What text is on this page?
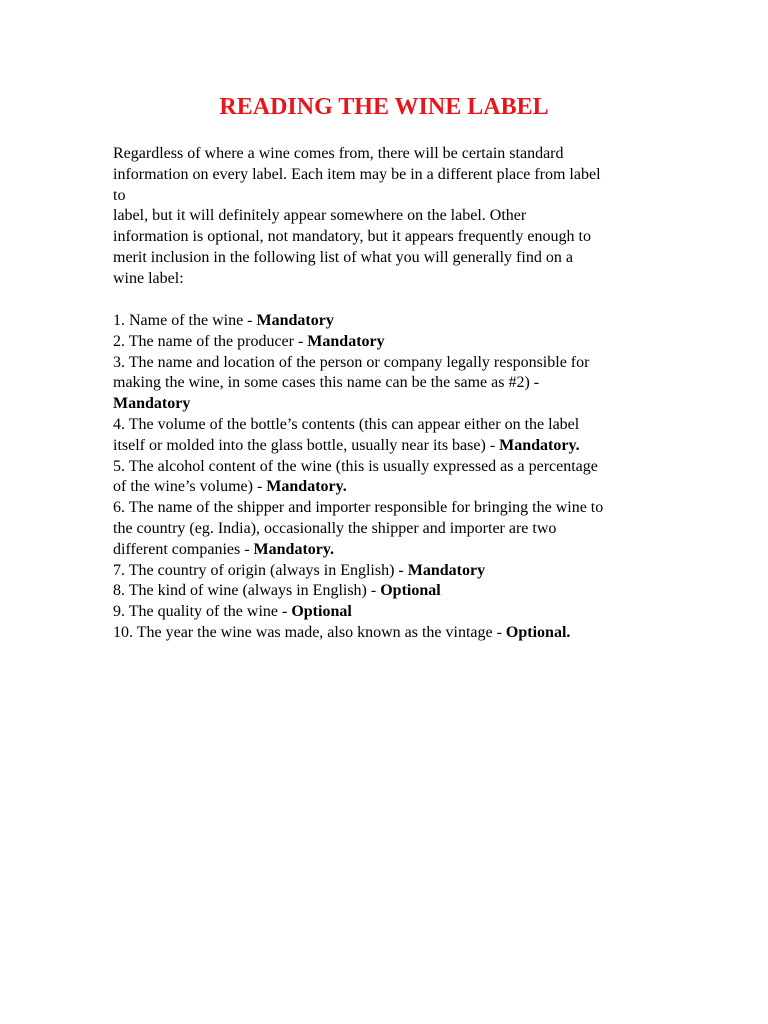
READING THE WINE LABEL
Regardless of where a wine comes from, there will be certain standard
information on every label. Each item may be in a different place from label
to
label, but it will definitely appear somewhere on the label. Other
information is optional, not mandatory, but it appears frequently enough to
merit inclusion in the following list of what you will generally find on a
wine label:
1. Name of the wine - Mandatory
2. The name of the producer - Mandatory
3. The name and location of the person or company legally responsible for
making the wine, in some cases this name can be the same as #2) -
Mandatory
4. The volume of the bottle’s contents (this can appear either on the label
itself or molded into the glass bottle, usually near its base) - Mandatory.
5. The alcohol content of the wine (this is usually expressed as a percentage
of the wine’s volume) - Mandatory.
6. The name of the shipper and importer responsible for bringing the wine to
the country (eg. India), occasionally the shipper and importer are two
different companies - Mandatory.
7. The country of origin (always in English) - Mandatory
8. The kind of wine (always in English) - Optional
9. The quality of the wine - Optional
10. The year the wine was made, also known as the vintage - Optional.
